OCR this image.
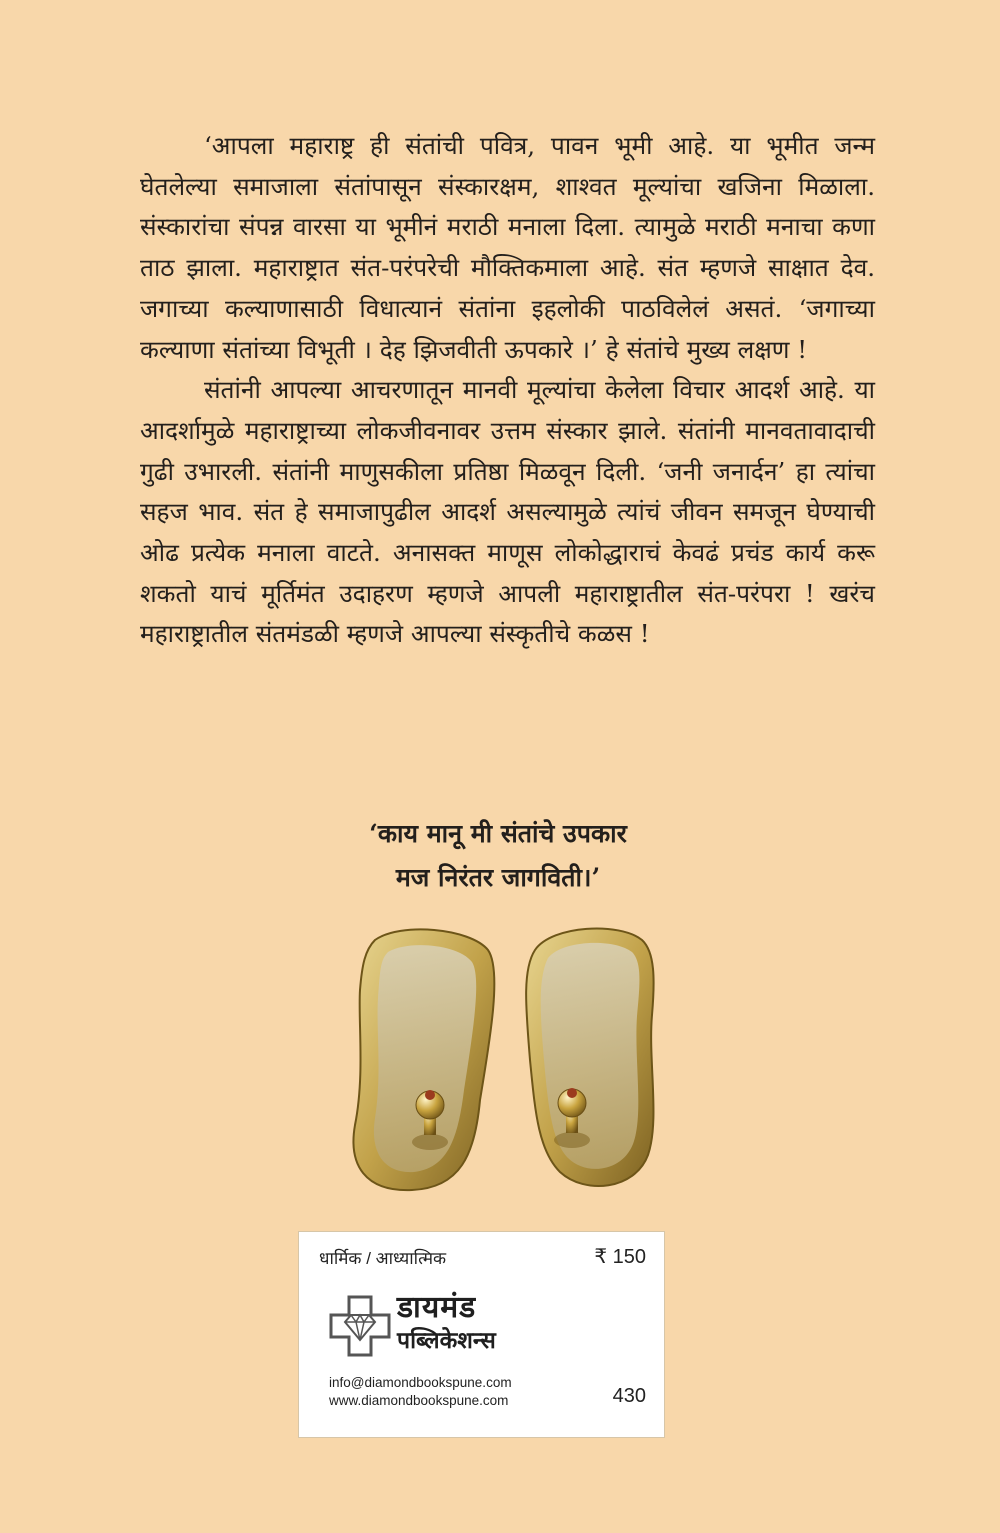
‘आपला महाराष्ट्र ही संतांची पवित्र, पावन भूमी आहे. या भूमीत जन्म घेतलेल्या समाजाला संतांपासून संस्कारक्षम, शाश्वत मूल्यांचा खजिना मिळाला. संस्कारांचा संपन्न वारसा या भूमीनं मराठी मनाला दिला. त्यामुळे मराठी मनाचा कणा ताठ झाला. महाराष्ट्रात संत-परंपरेची मौक्तिकमाला आहे. संत म्हणजे साक्षात देव. जगाच्या कल्याणासाठी विधात्यानं संतांना इहलोकी पाठविलेलं असतं. ‘जगाच्या कल्याणा संतांच्या विभूती । देह झिजवीती ऊपकारे ।’ हे संतांचे मुख्य लक्षण !

संतांनी आपल्या आचरणातून मानवी मूल्यांचा केलेला विचार आदर्श आहे. या आदर्शामुळे महाराष्ट्राच्या लोकजीवनावर उत्तम संस्कार झाले. संतांनी मानवतावादाची गुढी उभारली. संतांनी माणुसकीला प्रतिष्ठा मिळवून दिली. ‘जनी जनार्दन’ हा त्यांचा सहज भाव. संत हे समाजापुढील आदर्श असल्यामुळे त्यांचं जीवन समजून घेण्याची ओढ प्रत्येक मनाला वाटते. अनासक्त माणूस लोकोद्धाराचं केवढं प्रचंड कार्य करू शकतो याचं मूर्तिमंत उदाहरण म्हणजे आपली महाराष्ट्रातील संत-परंपरा ! खरंच महाराष्ट्रातील संतमंडळी म्हणजे आपल्या संस्कृतीचे कळस !

‘काय मानू मी संतांचे उपकार
मज निरंतर जागविती।’
धार्मिक / आध्यात्मिक	₹ 150
डायमंड
पब्लिकेशन्स
info@diamondbookspune.com
www.diamondbookspune.com	430
